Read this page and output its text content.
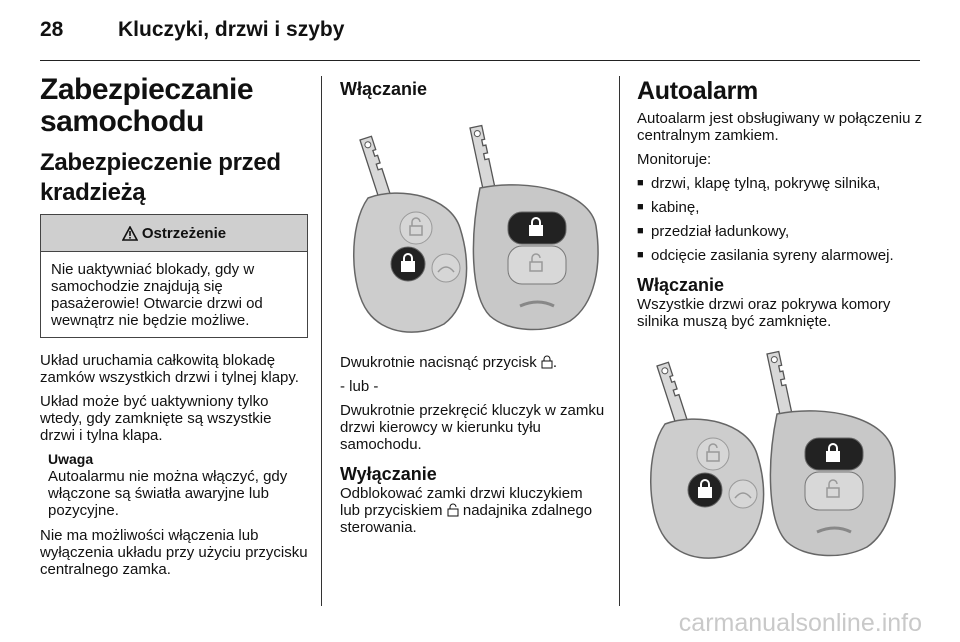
28	Kluczyki, drzwi i szyby
Zabezpieczanie samochodu
Zabezpieczenie przed kradzieżą
Ostrzeżenie
Nie uaktywniać blokady, gdy w samochodzie znajdują się pasażerowie! Otwarcie drzwi od wewnątrz nie będzie możliwe.

Układ uruchamia całkowitą blokadę zamków wszystkich drzwi i tylnej klapy.

Układ może być uaktywniony tylko wtedy, gdy zamknięte są wszystkie drzwi i tylna klapa.

Uwaga

Autoalarmu nie można włączyć, gdy włączone są światła awaryjne lub pozycyjne.

Nie ma możliwości włączenia lub wyłączenia układu przy użyciu przycisku centralnego zamka.

Włączanie

Dwukrotnie nacisnąć przycisk .

- lub -

Dwukrotnie przekręcić kluczyk w zamku drzwi kierowcy w kierunku tyłu samochodu.

Wyłączanie

Odblokować zamki drzwi kluczykiem lub przyciskiem nadajnika zdalnego sterowania.

Autoalarm

Autoalarm jest obsługiwany w połączeniu z centralnym zamkiem.

Monitoruje:

■ drzwi, klapę tylną, pokrywę silnika,
■ kabinę,
■ przedział ładunkowy,
■ odcięcie zasilania syreny alarmowej.
Włączanie

Wszystkie drzwi oraz pokrywa komory silnika muszą być zamknięte.

carmanualsonline.info
